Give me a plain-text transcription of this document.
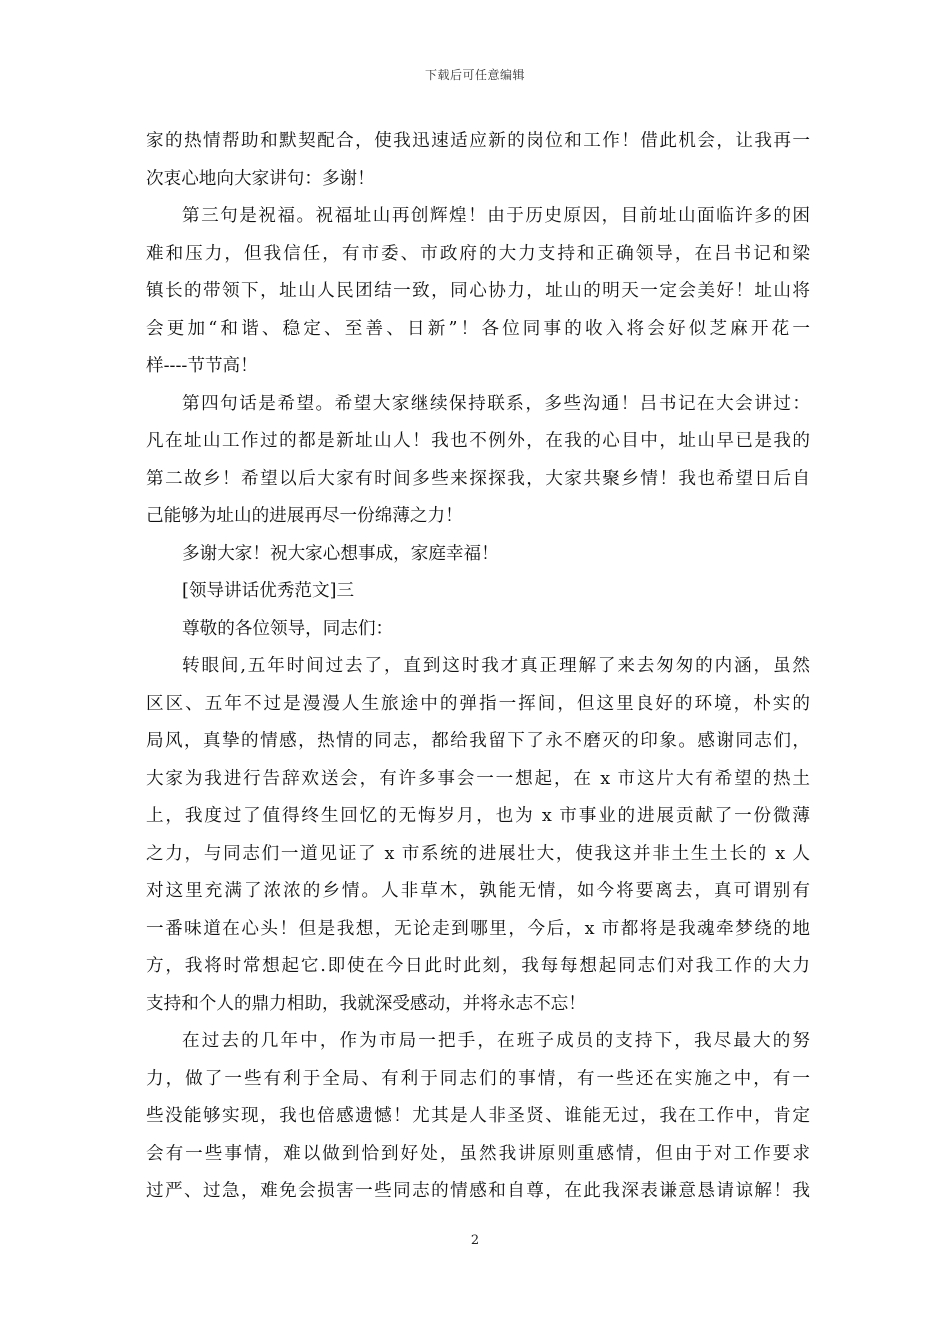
下载后可任意编辑
家的热情帮助和默契配合，使我迅速适应新的岗位和工作！借此机会，让我再一
次衷心地向大家讲句：多谢！
第三句是祝福。祝福址山再创辉煌！由于历史原因，目前址山面临许多的困
难和压力，但我信任，有市委、市政府的大力支持和正确领导，在吕书记和梁
镇长的带领下，址山人民团结一致，同心协力，址山的明天一定会美好！址山将
会更加“和谐、稳定、至善、日新”！各位同事的收入将会好似芝麻开花一
样----节节高！
第四句话是希望。希望大家继续保持联系，多些沟通！吕书记在大会讲过：
凡在址山工作过的都是新址山人！我也不例外，在我的心目中，址山早已是我的
第二故乡！希望以后大家有时间多些来探探我，大家共聚乡情！我也希望日后自
己能够为址山的进展再尽一份绵薄之力！
多谢大家！祝大家心想事成，家庭幸福！
[领导讲话优秀范文]三
尊敬的各位领导，同志们：
转眼间,五年时间过去了，直到这时我才真正理解了来去匆匆的内涵，虽然
区区、五年不过是漫漫人生旅途中的弹指一挥间，但这里良好的环境，朴实的
局风，真挚的情感，热情的同志，都给我留下了永不磨灭的印象。感谢同志们，
大家为我进行告辞欢送会，有许多事会一一想起，在 x 市这片大有希望的热土
上，我度过了值得终生回忆的无悔岁月，也为 x 市事业的进展贡献了一份微薄
之力，与同志们一道见证了 x 市系统的进展壮大，使我这并非土生土长的 x 人
对这里充满了浓浓的乡情。人非草木，孰能无情，如今将要离去，真可谓别有
一番味道在心头！但是我想，无论走到哪里，今后，x 市都将是我魂牵梦绕的地
方，我将时常想起它.即使在今日此时此刻，我每每想起同志们对我工作的大力
支持和个人的鼎力相助，我就深受感动，并将永志不忘！
在过去的几年中，作为市局一把手，在班子成员的支持下，我尽最大的努
力，做了一些有利于全局、有利于同志们的事情，有一些还在实施之中，有一
些没能够实现，我也倍感遗憾！尤其是人非圣贤、谁能无过，我在工作中，肯定
会有一些事情，难以做到恰到好处，虽然我讲原则重感情，但由于对工作要求
过严、过急，难免会损害一些同志的情感和自尊，在此我深表谦意恳请谅解！我
2
